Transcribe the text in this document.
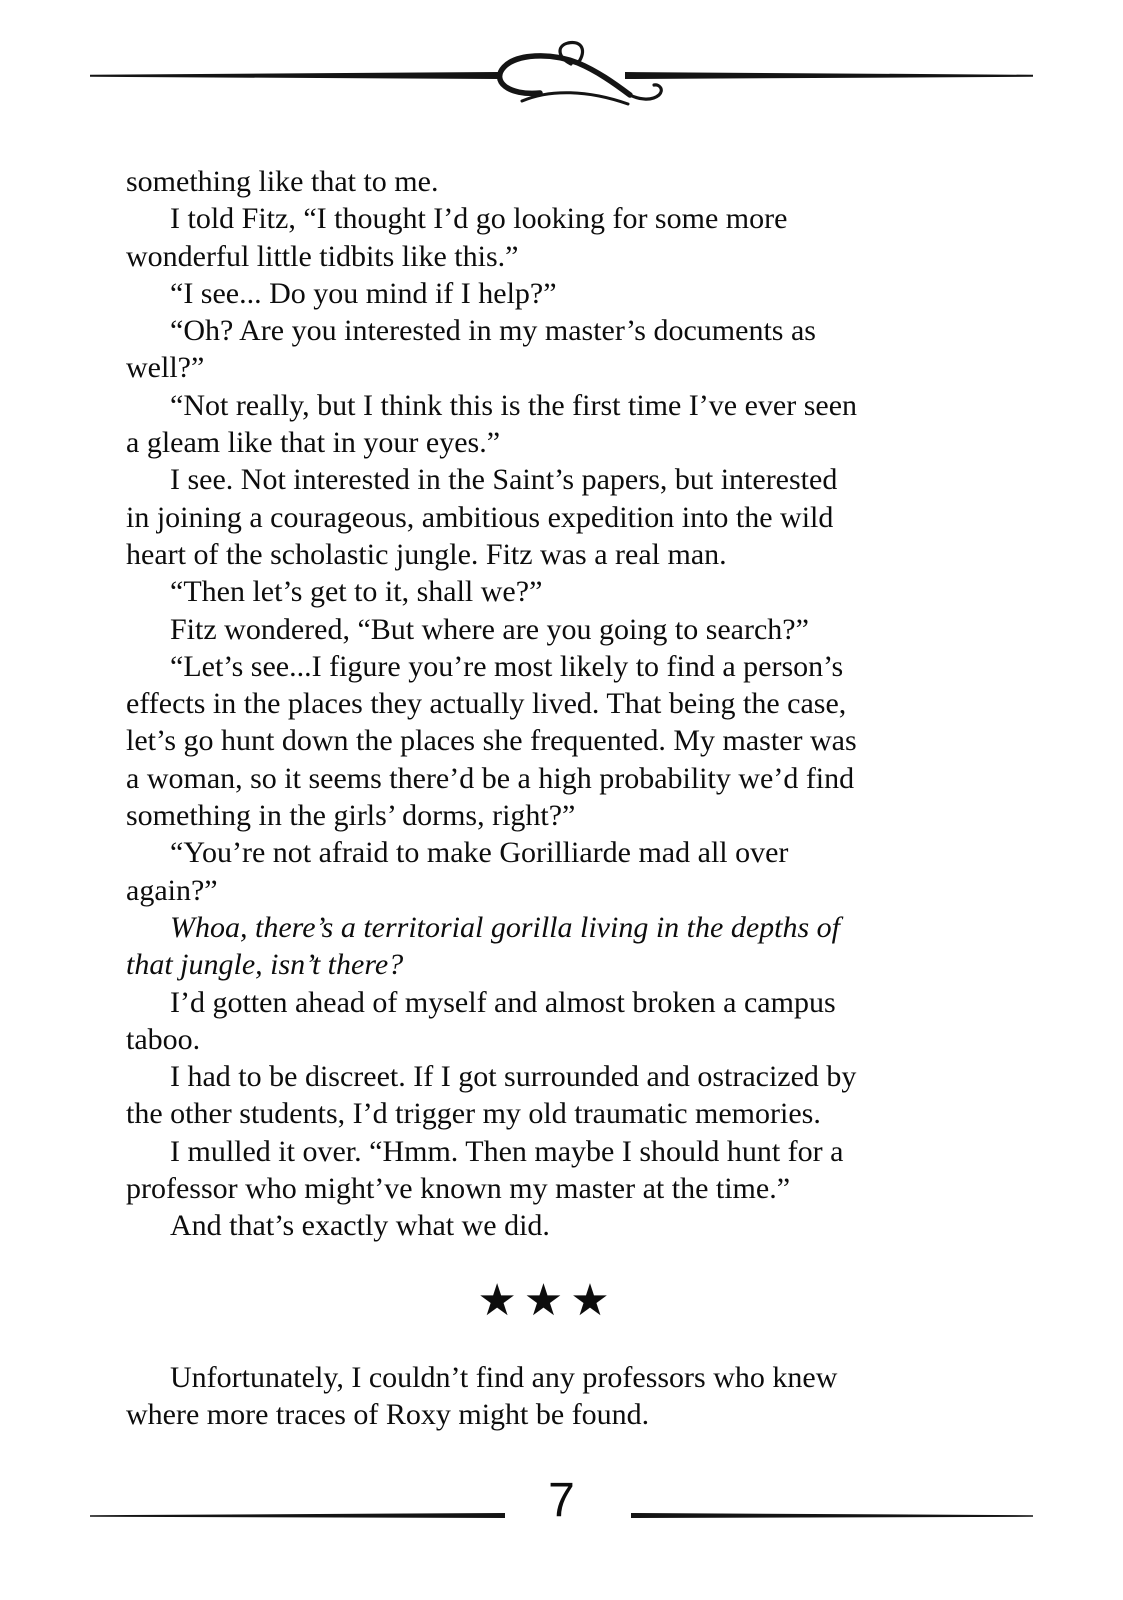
something like that to me.

I told Fitz, “I thought I’d go looking for some more
wonderful little tidbits like this.”

“I see... Do you mind if I help?”

“Oh? Are you interested in my master’s documents as
well?”

“Not really, but I think this is the first time I’ve ever seen
a gleam like that in your eyes.”

I see. Not interested in the Saint’s papers, but interested
in joining a courageous, ambitious expedition into the wild
heart of the scholastic jungle. Fitz was a real man.

“Then let’s get to it, shall we?”

Fitz wondered, “But where are you going to search?”

“Let’s see...I figure you’re most likely to find a person’s
effects in the places they actually lived. That being the case,
let’s go hunt down the places she frequented. My master was
a woman, so it seems there’d be a high probability we’d find
something in the girls’ dorms, right?”

“You’re not afraid to make Gorilliarde mad all over
again?”

Whoa, there’s a territorial gorilla living in the depths of
that jungle, isn’t there?

I’d gotten ahead of myself and almost broken a campus
taboo.

I had to be discreet. If I got surrounded and ostracized by
the other students, I’d trigger my old traumatic memories.

I mulled it over. “Hmm. Then maybe I should hunt for a
professor who might’ve known my master at the time.”

And that’s exactly what we did.

★★★

Unfortunately, I couldn’t find any professors who knew
where more traces of Roxy might be found.

7
